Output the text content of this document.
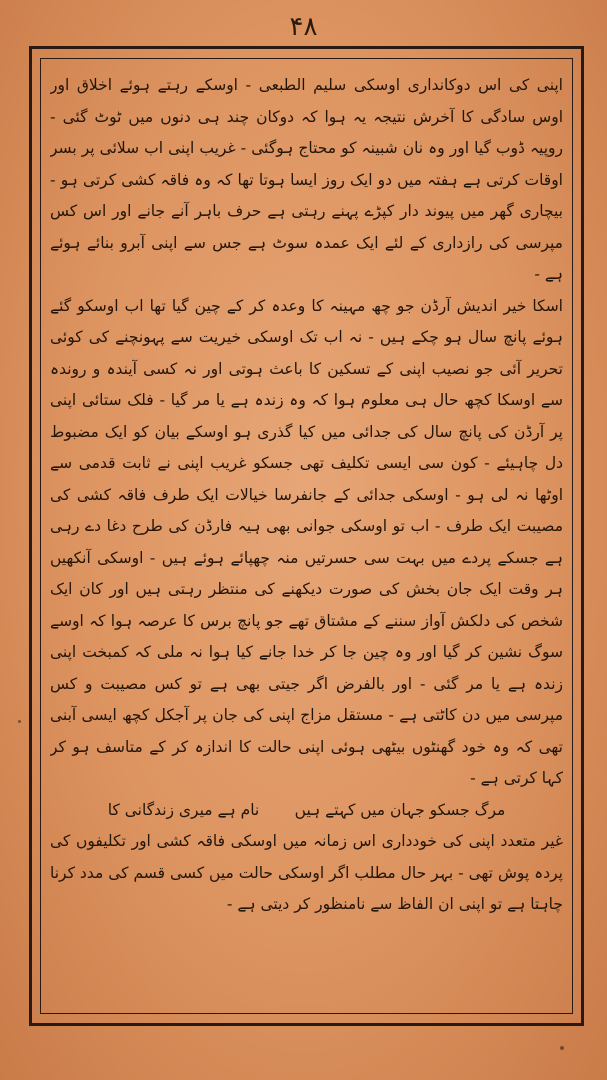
۴۸

اپنی کی اس دوکانداری اوسکی سلیم الطبعی - اوسکے رہتے ہوئے اخلاق اور اوس سادگی کا آخرش نتیجہ یہ ہوا کہ دوکان چند ہی دنوں میں ٹوٹ گئی - روپیہ ڈوب گیا اور وہ نان شبینہ کو محتاج ہوگئی - غریب اپنی اب سلائی پر بسر اوقات کرتی ہے ہفتہ میں دو ایک روز ایسا ہوتا تھا کہ وہ فاقہ کشی کرتی ہو - بیچاری گھر میں پیوند دار کپڑے پہنے رہتی ہے حرف باہر آنے جانے اور اس کس مپرسی کی رازداری کے لئے ایک عمدہ سوٹ ہے جس سے اپنی آبرو بنائے ہوئے ہے -

اسکا خیر اندیش آرڈن جو چھ مہینہ کا وعدہ کر کے چین گیا تھا اب اوسکو گئے ہوئے پانچ سال ہو چکے ہیں - نہ اب تک اوسکی خیریت سے پہونچنے کی کوئی تحریر آئی جو نصیب اپنی کے تسکین کا باعث ہوتی اور نہ کسی آیندہ و روندہ سے اوسکا کچھ حال ہی معلوم ہوا کہ وہ زندہ ہے یا مر گیا - فلک ستائی اپنی پر آرڈن کی پانچ سال کی جدائی میں کیا گذری ہو اوسکے بیان کو ایک مضبوط دل چاہیئے - کون سی ایسی تکلیف تھی جسکو غریب اپنی نے ثابت قدمی سے اوٹھا نہ لی ہو - اوسکی جدائی کے جانفرسا خیالات ایک طرف فاقہ کشی کی مصیبت ایک طرف - اب تو اوسکی جوانی بھی ہیہ فارڈن کی طرح دغا دے رہی ہے جسکے پردے میں بہت سی حسرتیں منہ چھپائے ہوئے ہیں - اوسکی آنکھیں ہر وقت ایک جان بخش کی صورت دیکھنے کی منتظر رہتی ہیں اور کان ایک شخص کی دلکش آواز سننے کے مشتاق تھے جو پانچ برس کا عرصہ ہوا کہ اوسے سوگ نشین کر گیا اور وہ چین جا کر خدا جانے کیا ہوا نہ ملی کہ کمبخت اپنی زندہ ہے یا مر گئی - اور بالفرض اگر جیتی بھی ہے تو کس مصیبت و کس مپرسی میں دن کاٹتی ہے - مستقل مزاج اپنی کی جان پر آجکل کچھ ایسی آبنی تھی کہ وہ خود گھنٹوں بیٹھی ہوئی اپنی حالت کا اندازہ کر کے متاسف ہو کر کہا کرتی ہے -

مرگ جسکو جہان میں کہتے ہیں
نام ہے میری زندگانی کا

غیر متعدد اپنی کی خودداری اس زمانہ میں اوسکی فاقہ کشی اور تکلیفوں کی پردہ پوش تھی - بہر حال مطلب اگر اوسکی حالت میں کسی قسم کی مدد کرنا چاہتا ہے تو اپنی ان الفاظ سے نامنظور کر دیتی ہے -
